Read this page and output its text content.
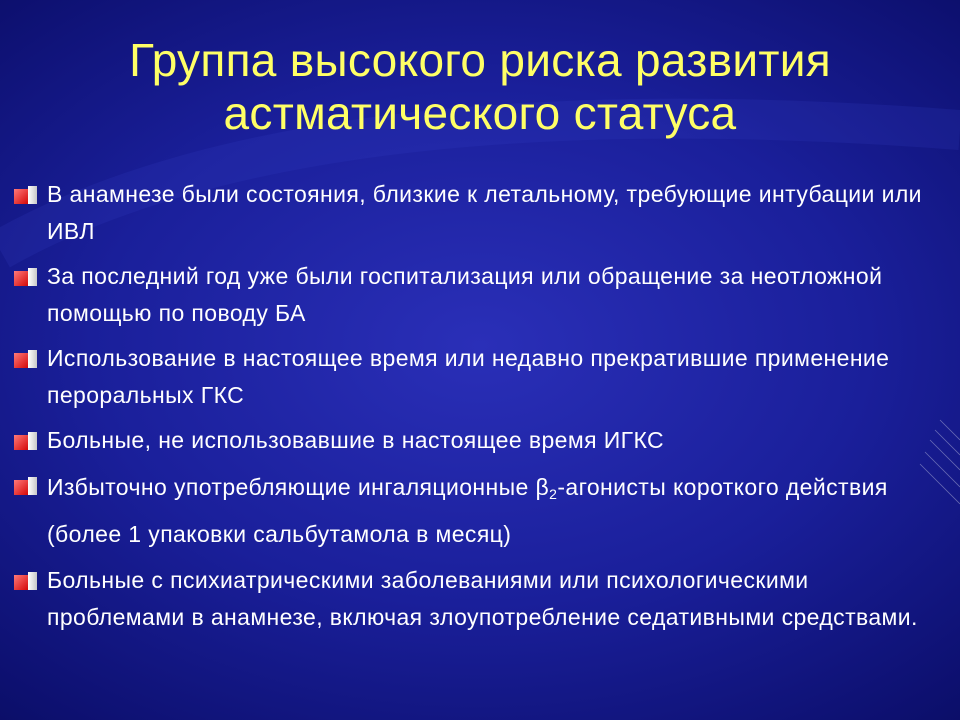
Группа высокого риска развития
астматического статуса
В анамнезе были состояния, близкие к летальному, требующие интубации или ИВЛ
За последний год уже были госпитализация или обращение за неотложной помощью по поводу БА
Использование в настоящее время или недавно прекратившие применение пероральных ГКС
Больные, не использовавшие в настоящее время ИГКС
Избыточно употребляющие ингаляционные $\beta_2$-агонисты короткого действия (более 1 упаковки сальбутамола в месяц)
Больные с психиатрическими заболеваниями или психологическими проблемами в анамнезе, включая злоупотребление седативными средствами.
